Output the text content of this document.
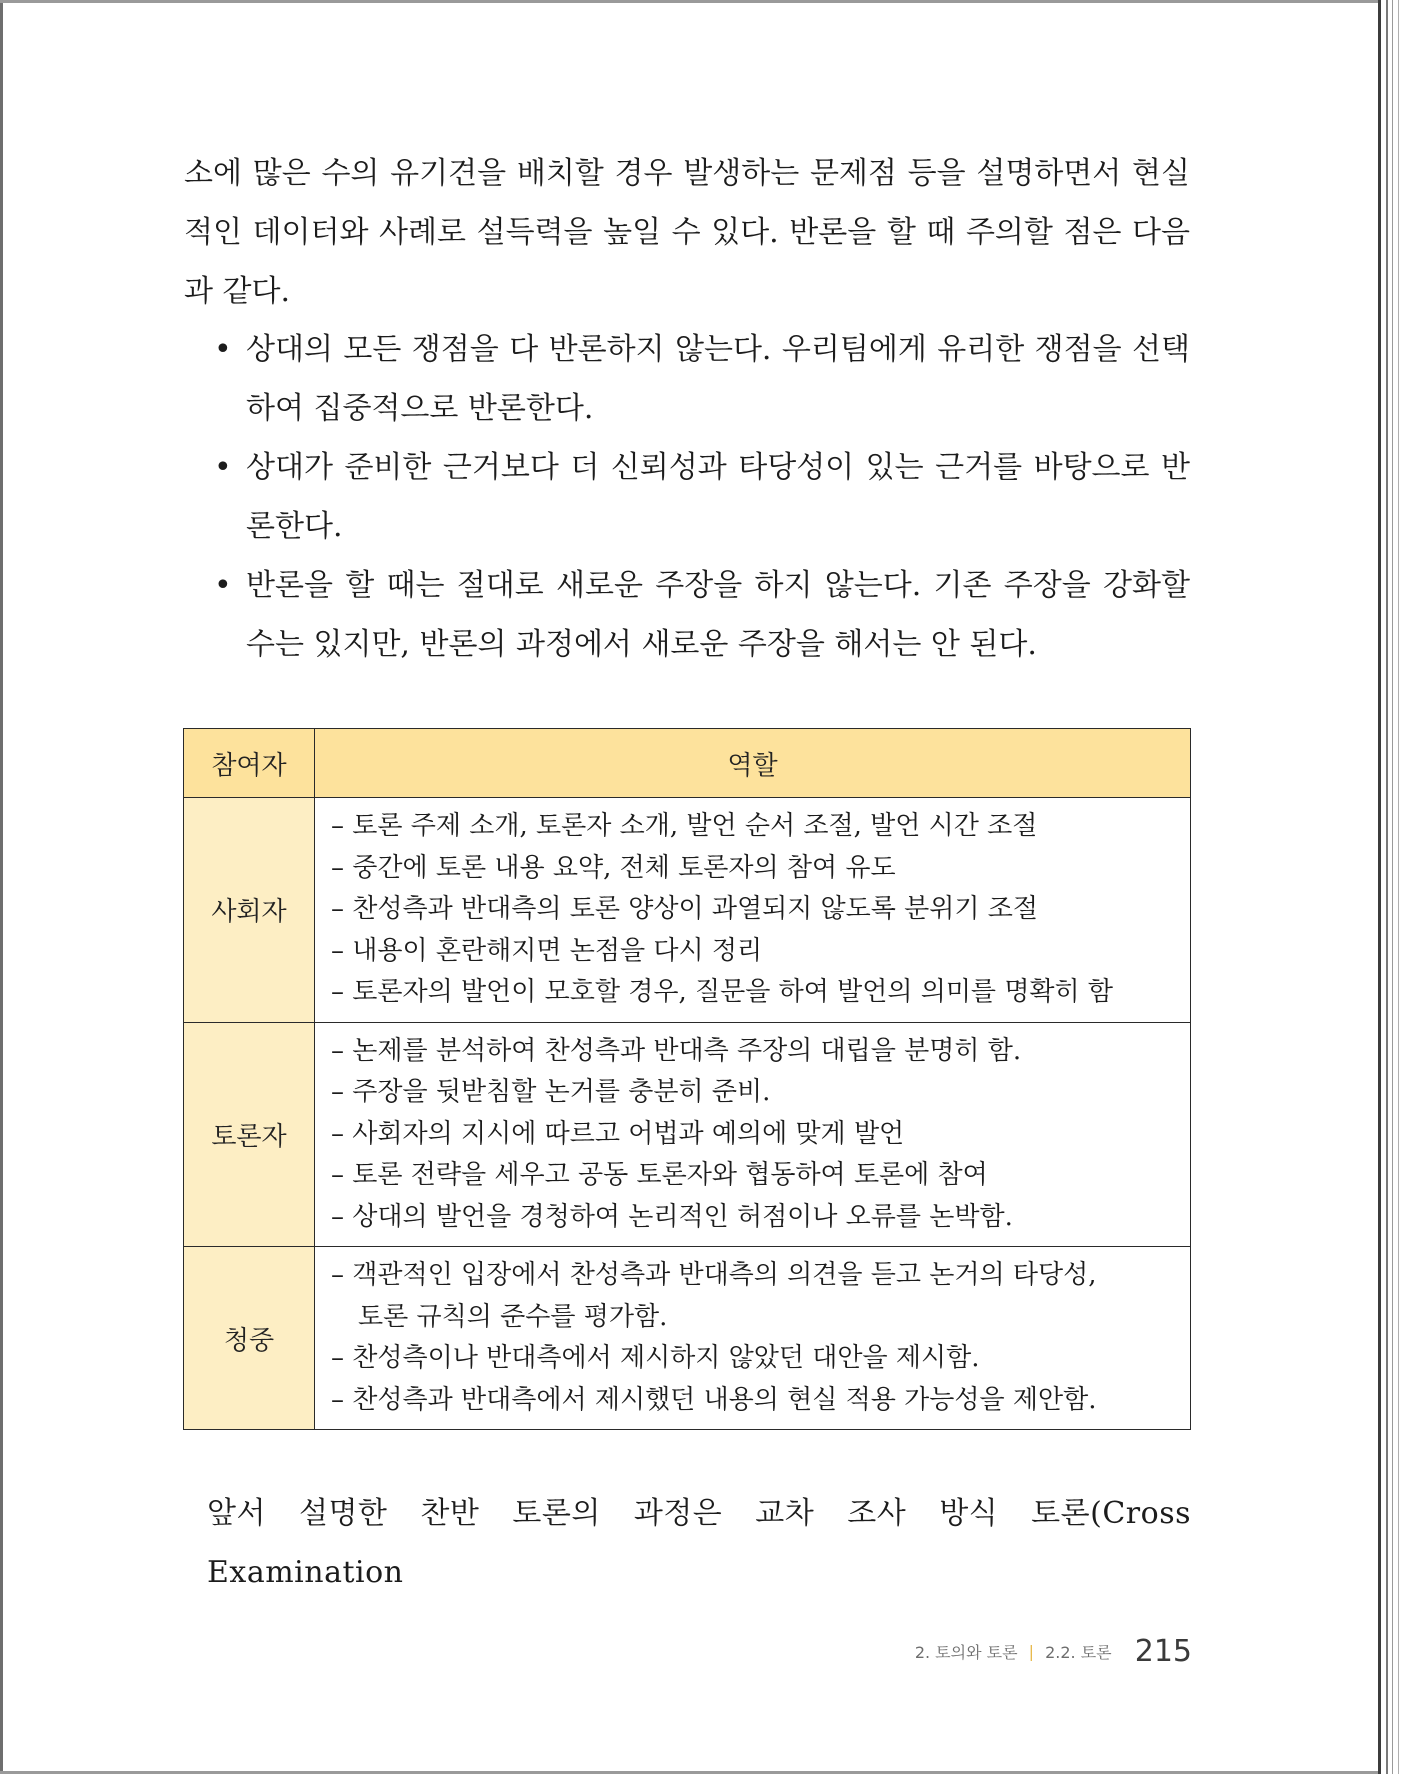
소에 많은 수의 유기견을 배치할 경우 발생하는 문제점 등을 설명하면서 현실적인 데이터와 사례로 설득력을 높일 수 있다. 반론을 할 때 주의할 점은 다음과 같다.

• 상대의 모든 쟁점을 다 반론하지 않는다. 우리팀에게 유리한 쟁점을 선택하여 집중적으로 반론한다.
• 상대가 준비한 근거보다 더 신뢰성과 타당성이 있는 근거를 바탕으로 반론한다.
• 반론을 할 때는 절대로 새로운 주장을 하지 않는다. 기존 주장을 강화할 수는 있지만, 반론의 과정에서 새로운 주장을 해서는 안 된다.
참여자	역할
사회자	– 토론 주제 소개, 토론자 소개, 발언 순서 조절, 발언 시간 조절
– 중간에 토론 내용 요약, 전체 토론자의 참여 유도
– 찬성측과 반대측의 토론 양상이 과열되지 않도록 분위기 조절
– 내용이 혼란해지면 논점을 다시 정리
– 토론자의 발언이 모호할 경우, 질문을 하여 발언의 의미를 명확히 함

토론자	– 논제를 분석하여 찬성측과 반대측 주장의 대립을 분명히 함.
– 주장을 뒷받침할 논거를 충분히 준비.
– 사회자의 지시에 따르고 어법과 예의에 맞게 발언
– 토론 전략을 세우고 공동 토론자와 협동하여 토론에 참여
– 상대의 발언을 경청하여 논리적인 허점이나 오류를 논박함.

청중	– 객관적인 입장에서 찬성측과 반대측의 의견을 듣고 논거의 타당성,
토론 규칙의 준수를 평가함.
– 찬성측이나 반대측에서 제시하지 않았던 대안을 제시함.
– 찬성측과 반대측에서 제시했던 내용의 현실 적용 가능성을 제안함.

앞서 설명한 찬반 토론의 과정은 교차 조사 방식 토론(Cross Examination

2. 토의와 토론 | 2.2. 토론 215
